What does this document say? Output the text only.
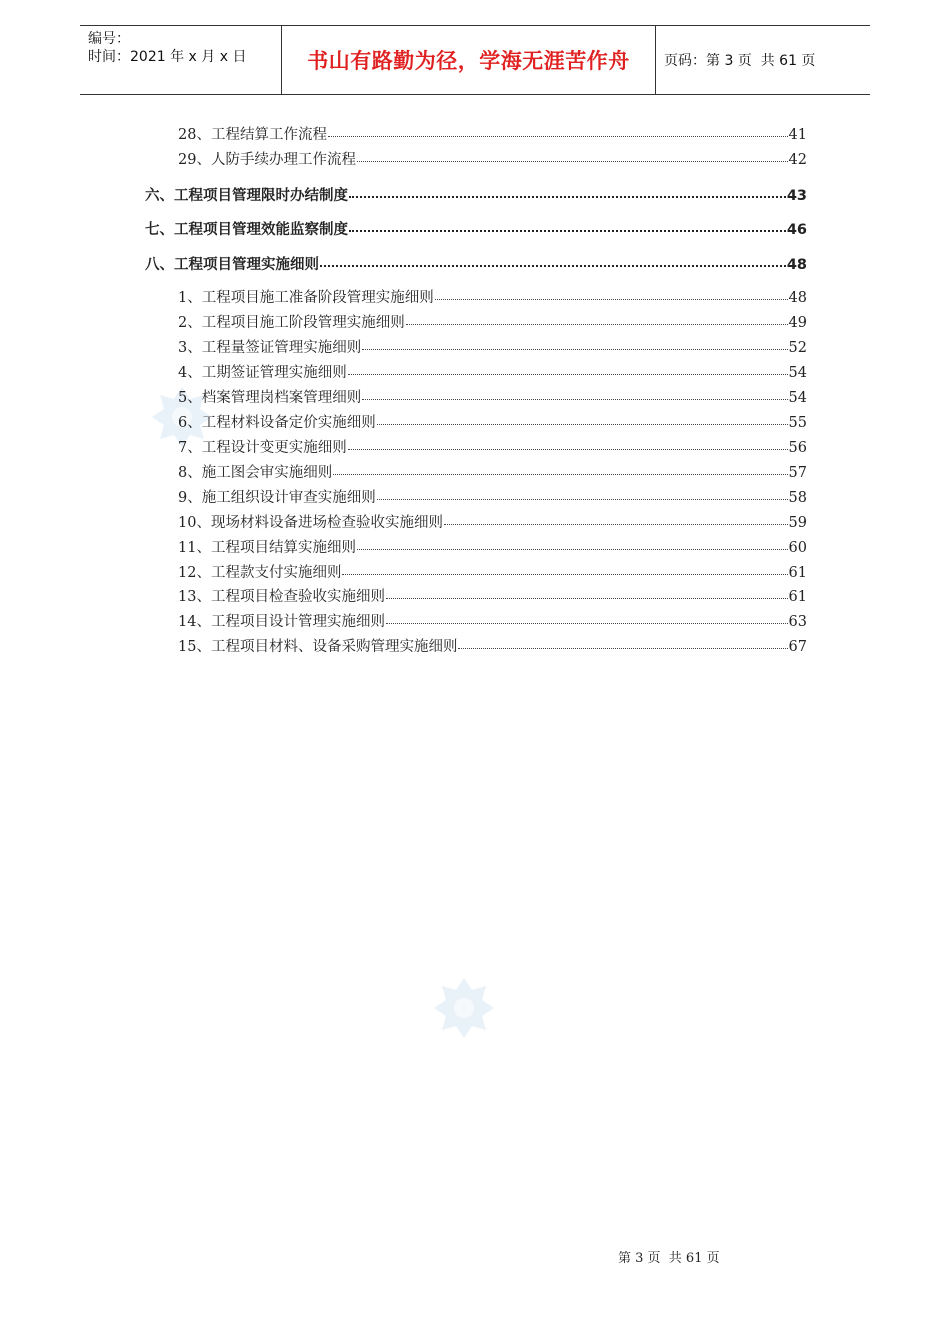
编号：
时间：2021 年 x 月 x 日	书山有路勤为径，学海无涯苦作舟	页码：第 3 页  共 61 页
28、工程结算工作流程	41
29、人防手续办理工作流程	42
六、工程项目管理限时办结制度	43
七、工程项目管理效能监察制度	46
八、工程项目管理实施细则	48
1、工程项目施工准备阶段管理实施细则	48
2、工程项目施工阶段管理实施细则	49
3、工程量签证管理实施细则	52
4、工期签证管理实施细则	54
5、档案管理岗档案管理细则	54
6、工程材料设备定价实施细则	55
7、工程设计变更实施细则	56
8、施工图会审实施细则	57
9、施工组织设计审查实施细则	58
10、现场材料设备进场检查验收实施细则	59
11、工程项目结算实施细则	60
12、工程款支付实施细则	61
13、工程项目检查验收实施细则	61
14、工程项目设计管理实施细则	63
15、工程项目材料、设备采购管理实施细则	67
第 3 页  共 61 页
